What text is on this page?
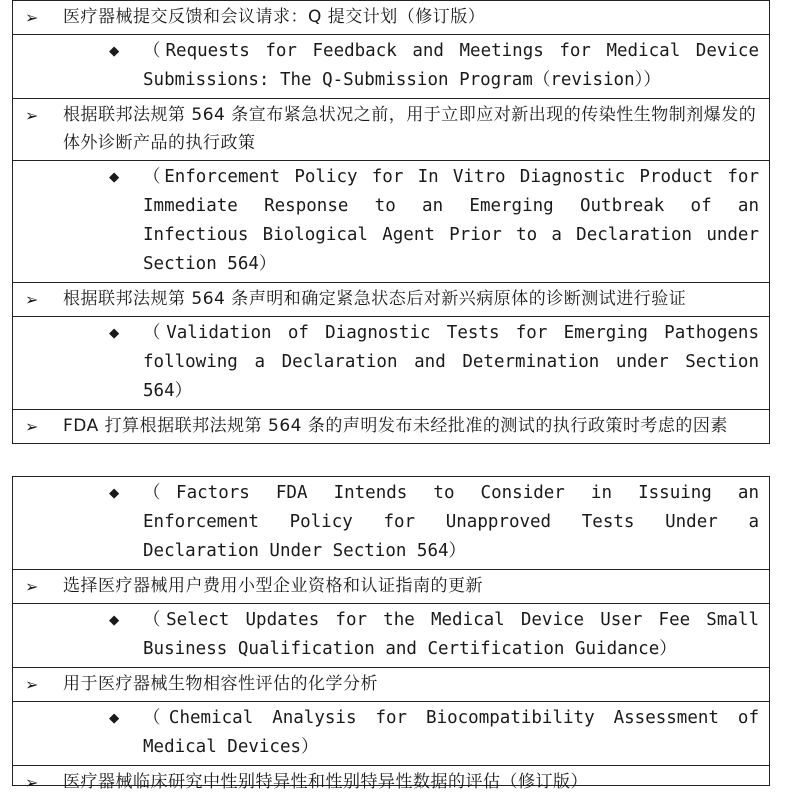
➢ 医疗器械提交反馈和会议请求：Q 提交计划（修订版）
◆ （Requests for Feedback and Meetings for Medical Device Submissions: The Q-Submission Program（revision））
➢ 根据联邦法规第 564 条宣布紧急状况之前，用于立即应对新出现的传染性生物制剂爆发的体外诊断产品的执行政策
◆ （Enforcement Policy for In Vitro Diagnostic Product for Immediate Response to an Emerging Outbreak of an Infectious Biological Agent Prior to a Declaration under Section 564）
➢ 根据联邦法规第 564 条声明和确定紧急状态后对新兴病原体的诊断测试进行验证
◆ （Validation of Diagnostic Tests for Emerging Pathogens following a Declaration and Determination under Section 564）
➢ FDA 打算根据联邦法规第 564 条的声明发布未经批准的测试的执行政策时考虑的因素
◆ （Factors FDA Intends to Consider in Issuing an Enforcement Policy for Unapproved Tests Under a Declaration Under Section 564）
➢ 选择医疗器械用户费用小型企业资格和认证指南的更新
◆ （Select Updates for the Medical Device User Fee Small Business Qualification and Certification Guidance）
➢ 用于医疗器械生物相容性评估的化学分析
◆ （Chemical Analysis for Biocompatibility Assessment of Medical Devices）
➢ 医疗器械临床研究中性别特异性和性别特异性数据的评估（修订版）
